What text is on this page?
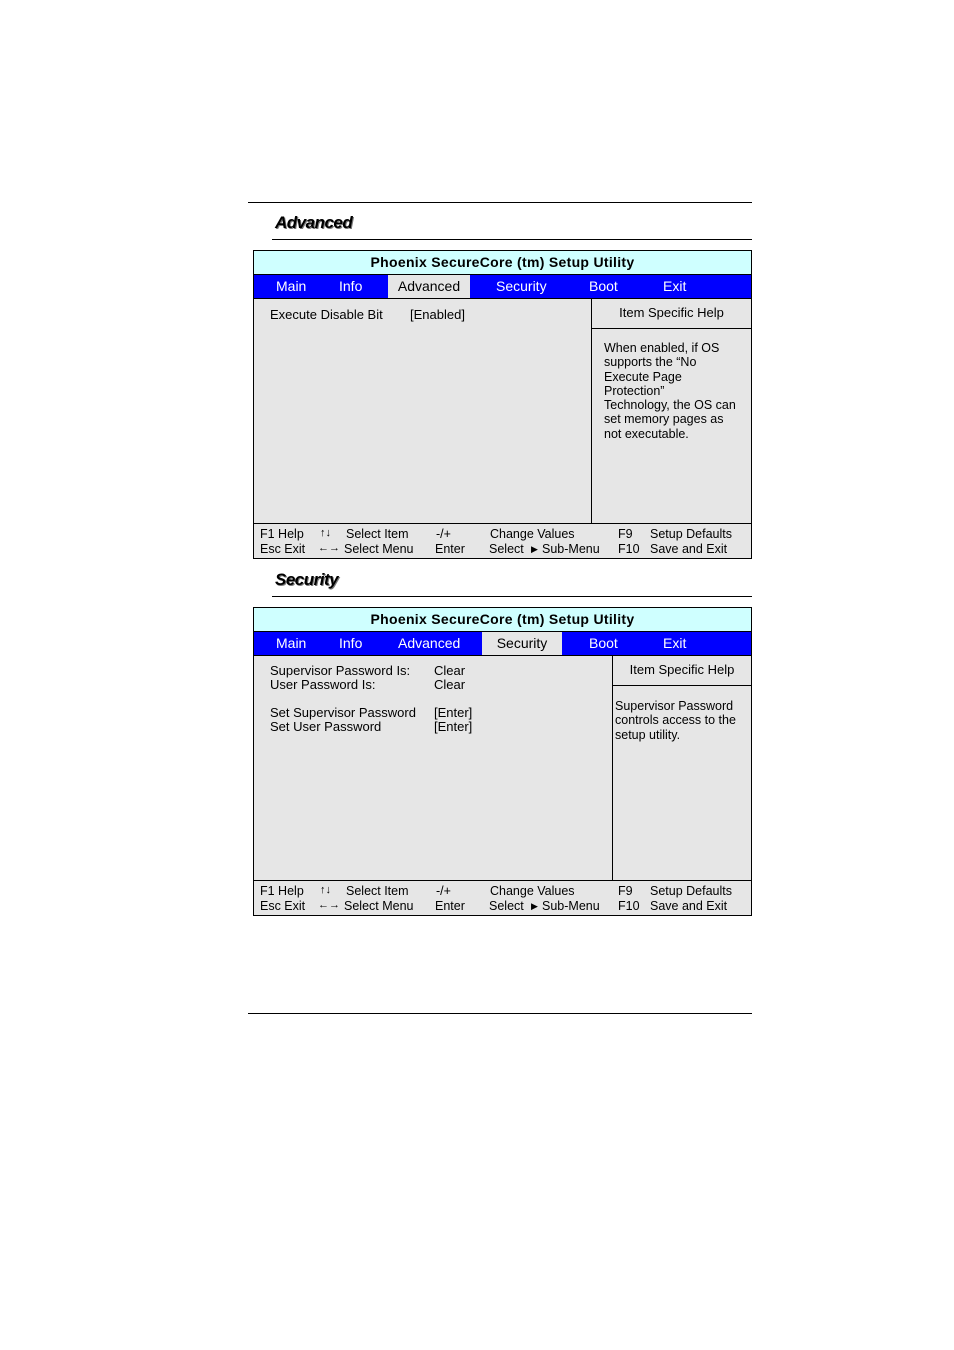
Advanced
Phoenix SecureCore (tm) Setup Utility
Main Info	Advanced	Security	Boot	Exit
Execute Disable Bit [Enabled]	Item Specific Help
When enabled, if OS
supports the “No
Execute Page
Protection”
Technology, the OS can
set memory pages as
not executable.
F1 Help ↑↓ Select Item -/+	Change Values	F9 Setup Defaults
Esc Exit ←→ Select Menu Enter Select ▶ Sub-Menu F10 Save and Exit
Security
Phoenix SecureCore (tm) Setup Utility
Main Info	Advanced	Security	Boot	Exit
Supervisor Password Is: Clear
User Password Is:	Clear
Set Supervisor Password [Enter]
Set User Password	[Enter]
Item Specific Help
Supervisor Password
controls access to the
setup utility.
F1 Help ↑↓ Select Item -/+	Change Values	F9 Setup Defaults
Esc Exit ←→ Select Menu Enter Select ▶ Sub-Menu F10 Save and Exit
